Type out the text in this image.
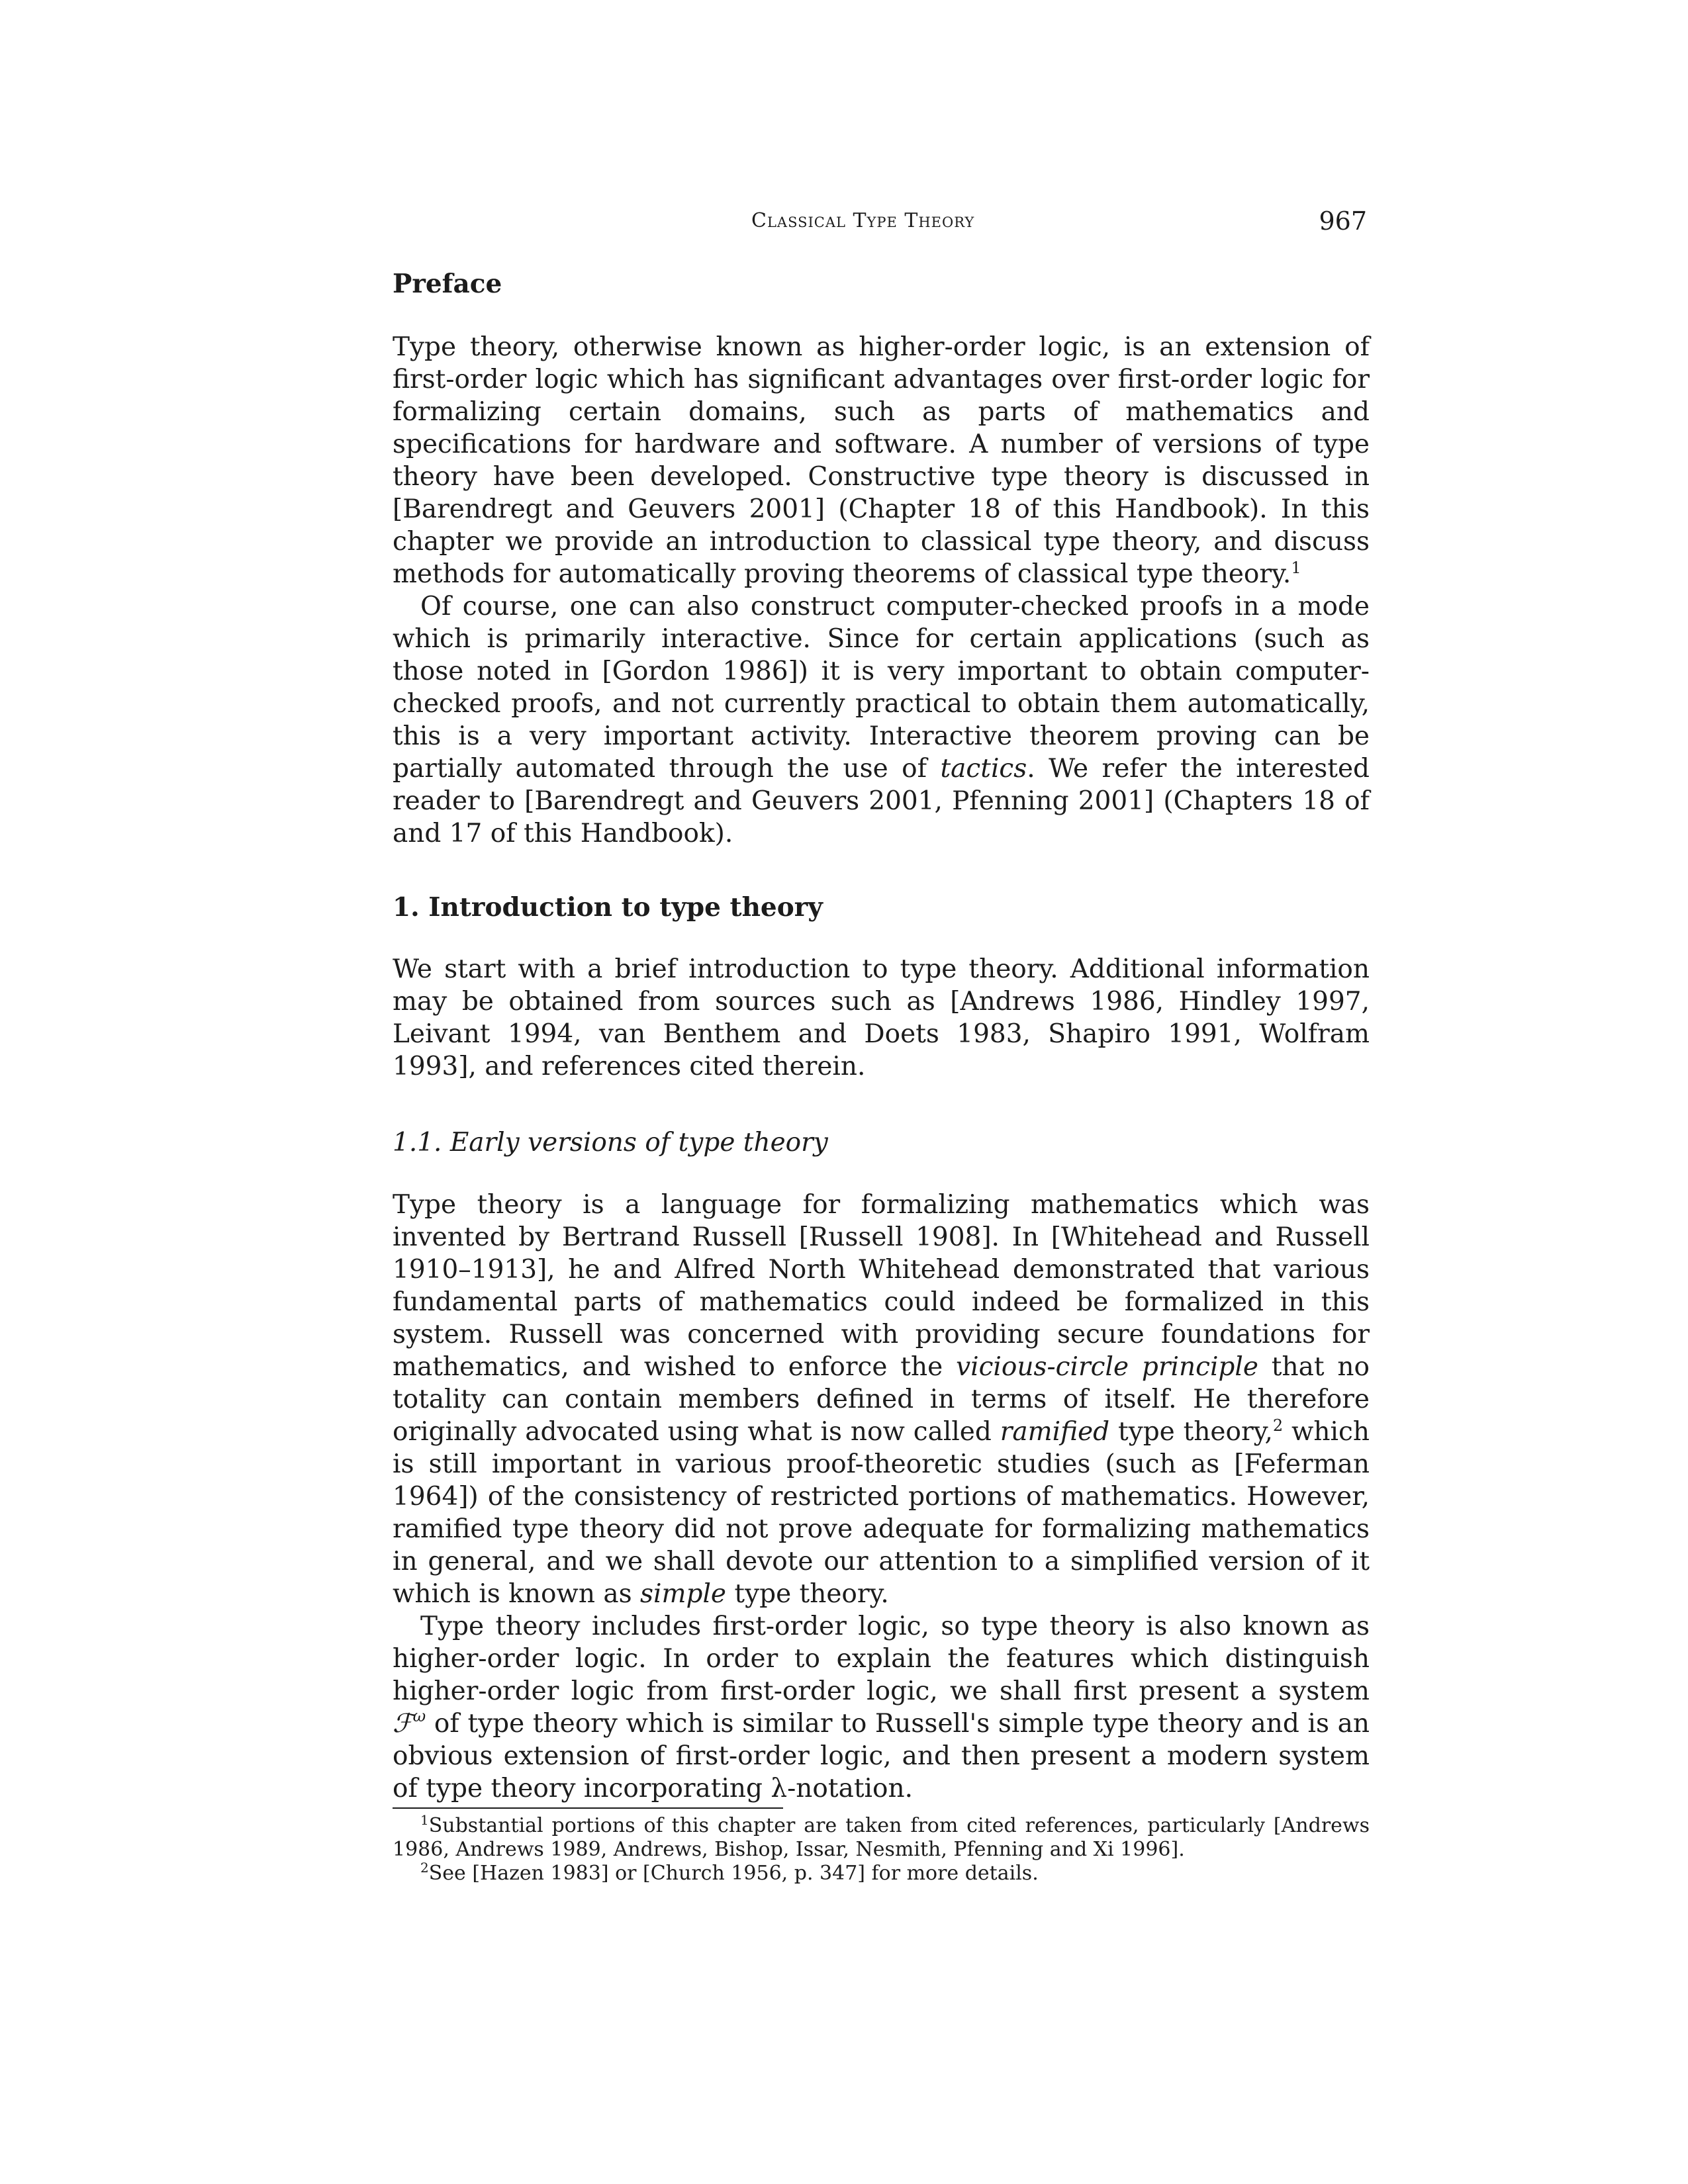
Classical Type Theory	967
Preface

Type theory, otherwise known as higher-order logic, is an extension of first-order logic which has significant advantages over first-order logic for formalizing certain domains, such as parts of mathematics and specifications for hardware and software. A number of versions of type theory have been developed. Constructive type theory is discussed in [Barendregt and Geuvers 2001] (Chapter 18 of this Handbook). In this chapter we provide an introduction to classical type theory, and discuss methods for automatically proving theorems of classical type theory.$^1$

Of course, one can also construct computer-checked proofs in a mode which is primarily interactive. Since for certain applications (such as those noted in [Gordon 1986]) it is very important to obtain computer-checked proofs, and not currently practical to obtain them automatically, this is a very important activity. Interactive theorem proving can be partially automated through the use of tactics. We refer the interested reader to [Barendregt and Geuvers 2001, Pfenning 2001] (Chapters 18 of and 17 of this Handbook).

1. Introduction to type theory

We start with a brief introduction to type theory. Additional information may be obtained from sources such as [Andrews 1986, Hindley 1997, Leivant 1994, van Benthem and Doets 1983, Shapiro 1991, Wolfram 1993], and references cited therein.

1.1. Early versions of type theory

Type theory is a language for formalizing mathematics which was invented by Bertrand Russell [Russell 1908]. In [Whitehead and Russell 1910–1913], he and Alfred North Whitehead demonstrated that various fundamental parts of mathematics could indeed be formalized in this system. Russell was concerned with providing secure foundations for mathematics, and wished to enforce the vicious-circle principle that no totality can contain members defined in terms of itself. He therefore originally advocated using what is now called ramified type theory,$^2$ which is still important in various proof-theoretic studies (such as [Feferman 1964]) of the consistency of restricted portions of mathematics. However, ramified type theory did not prove adequate for formalizing mathematics in general, and we shall devote our attention to a simplified version of it which is known as simple type theory.

Type theory includes first-order logic, so type theory is also known as higher-order logic. In order to explain the features which distinguish higher-order logic from first-order logic, we shall first present a system ℱ$^\omega$ of type theory which is similar to Russell's simple type theory and is an obvious extension of first-order logic, and then present a modern system of type theory incorporating λ-notation.

$^1$Substantial portions of this chapter are taken from cited references, particularly [Andrews 1986, Andrews 1989, Andrews, Bishop, Issar, Nesmith, Pfenning and Xi 1996].

$^2$See [Hazen 1983] or [Church 1956, p. 347] for more details.
